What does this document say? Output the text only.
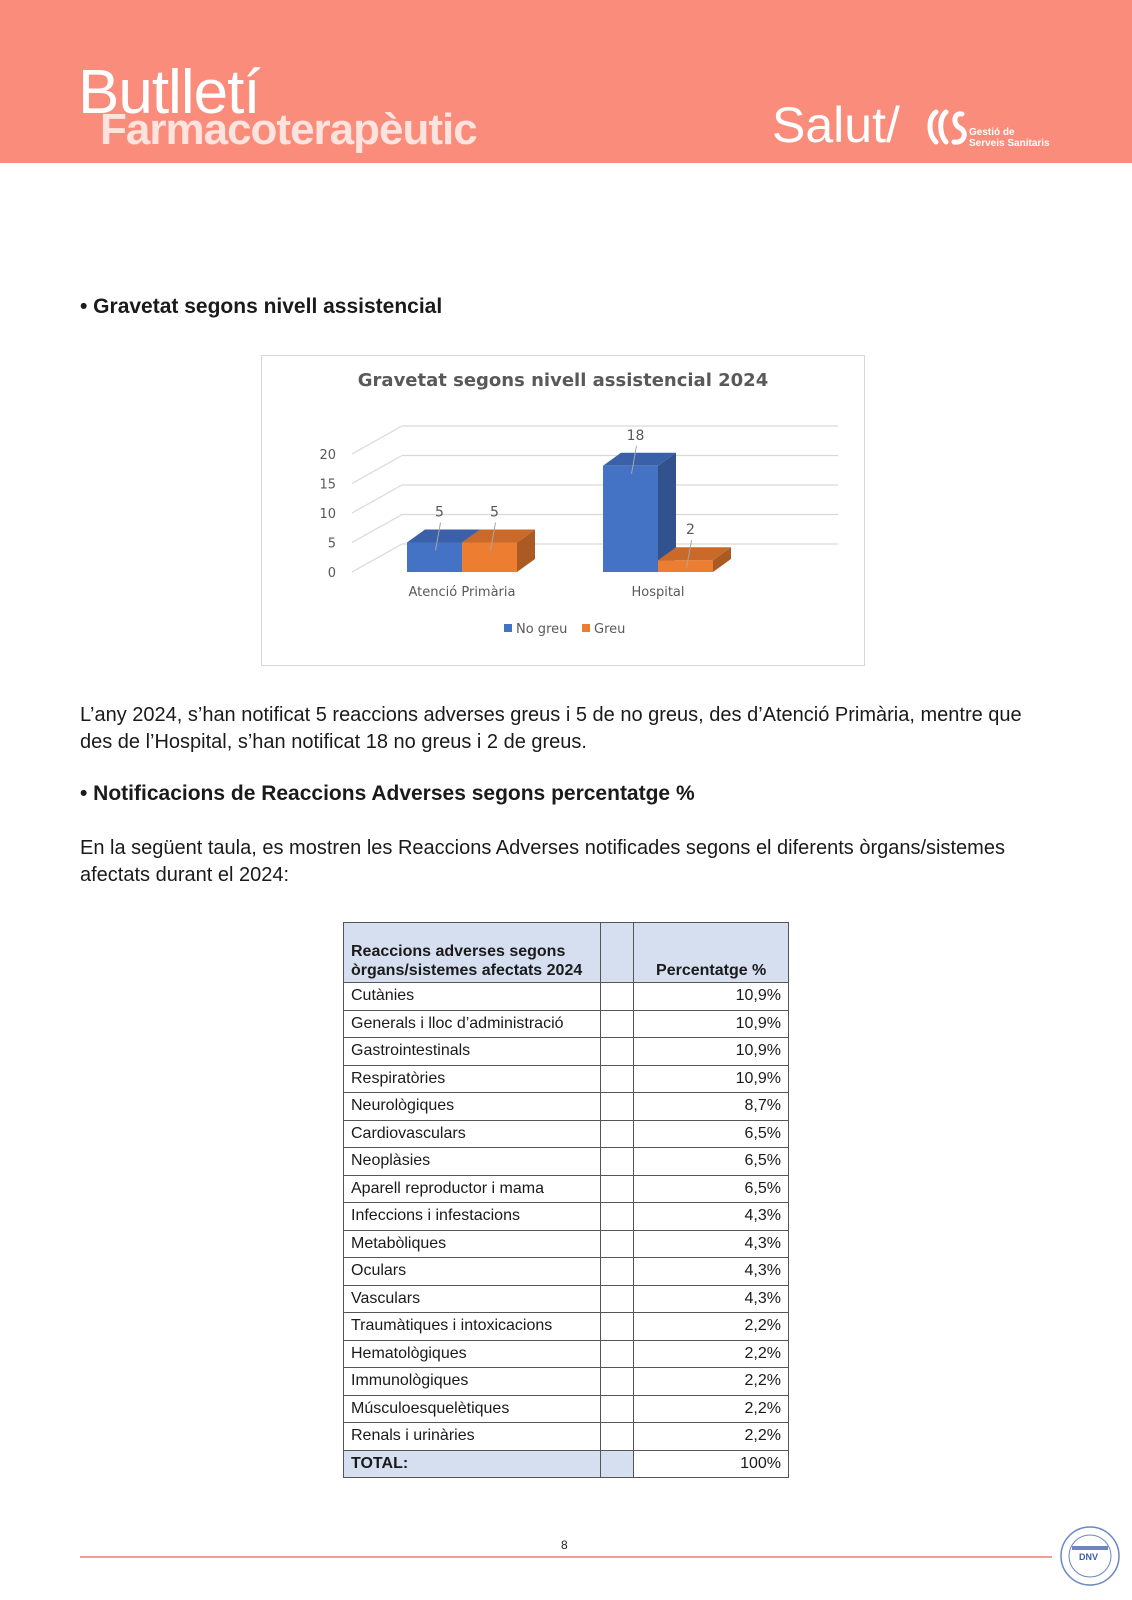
Butlletí
Farmacoterapèutic	Salut/	Gestió de
Serveis Sanitaris
• Gravetat segons nivell assistencial
Gravetat segons nivell assistencial 2024
0
5
10
15
20
5	5
Atenció Primària
18
2
Hospital
No greu Greu
L’any 2024, s’han notificat 5 reaccions adverses greus i 5 de no greus, des d’Atenció Primària, mentre que des de l’Hospital, s’han notificat 18 no greus i 2 de greus.
• Notificacions de Reaccions Adverses segons percentatge %
En la següent taula, es mostren les Reaccions Adverses notificades segons el diferents òrgans/sistemes afectats durant el 2024:
Reaccions adverses segons òrgans/sistemes afectats 2024		Percentatge %
Cutànies		10,9%
Generals i lloc d’administració		10,9%
Gastrointestinals		10,9%
Respiratòries		10,9%
Neurològiques		8,7%
Cardiovasculars		6,5%
Neoplàsies		6,5%
Aparell reproductor i mama		6,5%
Infeccions i infestacions		4,3%
Metabòliques		4,3%
Oculars		4,3%
Vasculars		4,3%
Traumàtiques i intoxicacions		2,2%
Hematològiques		2,2%
Immunològiques		2,2%
Músculoesquelètiques		2,2%
Renals i urinàries		2,2%
TOTAL:		100%
8
DNV
